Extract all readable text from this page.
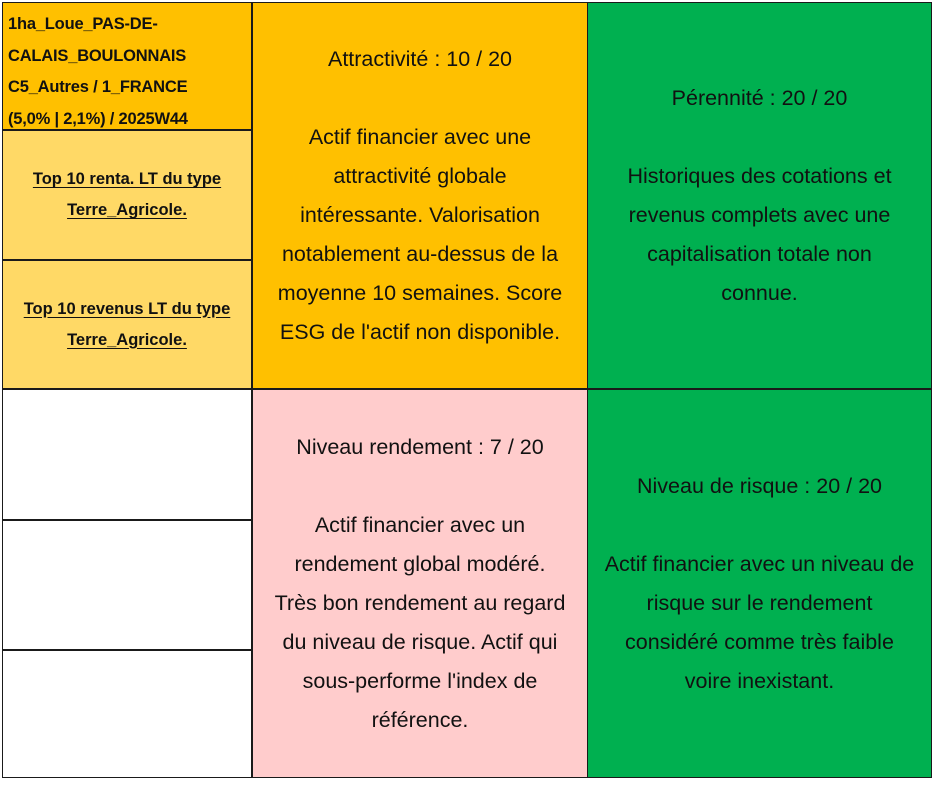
1ha_Loue_PAS-DE-
CALAIS_BOULONNAIS
C5_Autres / 1_FRANCE
(5,0% | 2,1%) / 2025W44
Top 10 renta. LT du type
Terre_Agricole.
Top 10 revenus LT du type
Terre_Agricole.
Attractivité : 10 / 20
Actif financier avec une
attractivité globale
intéressante. Valorisation
notablement au-dessus de la
moyenne 10 semaines. Score
ESG de l'actif non disponible.
Pérennité : 20 / 20
Historiques des cotations et
revenus complets avec une
capitalisation totale non
connue.
Niveau rendement : 7 / 20
Actif financier avec un
rendement global modéré.
Très bon rendement au regard
du niveau de risque. Actif qui
sous-performe l'index de
référence.
Niveau de risque : 20 / 20
Actif financier avec un niveau de
risque sur le rendement
considéré comme très faible
voire inexistant.
